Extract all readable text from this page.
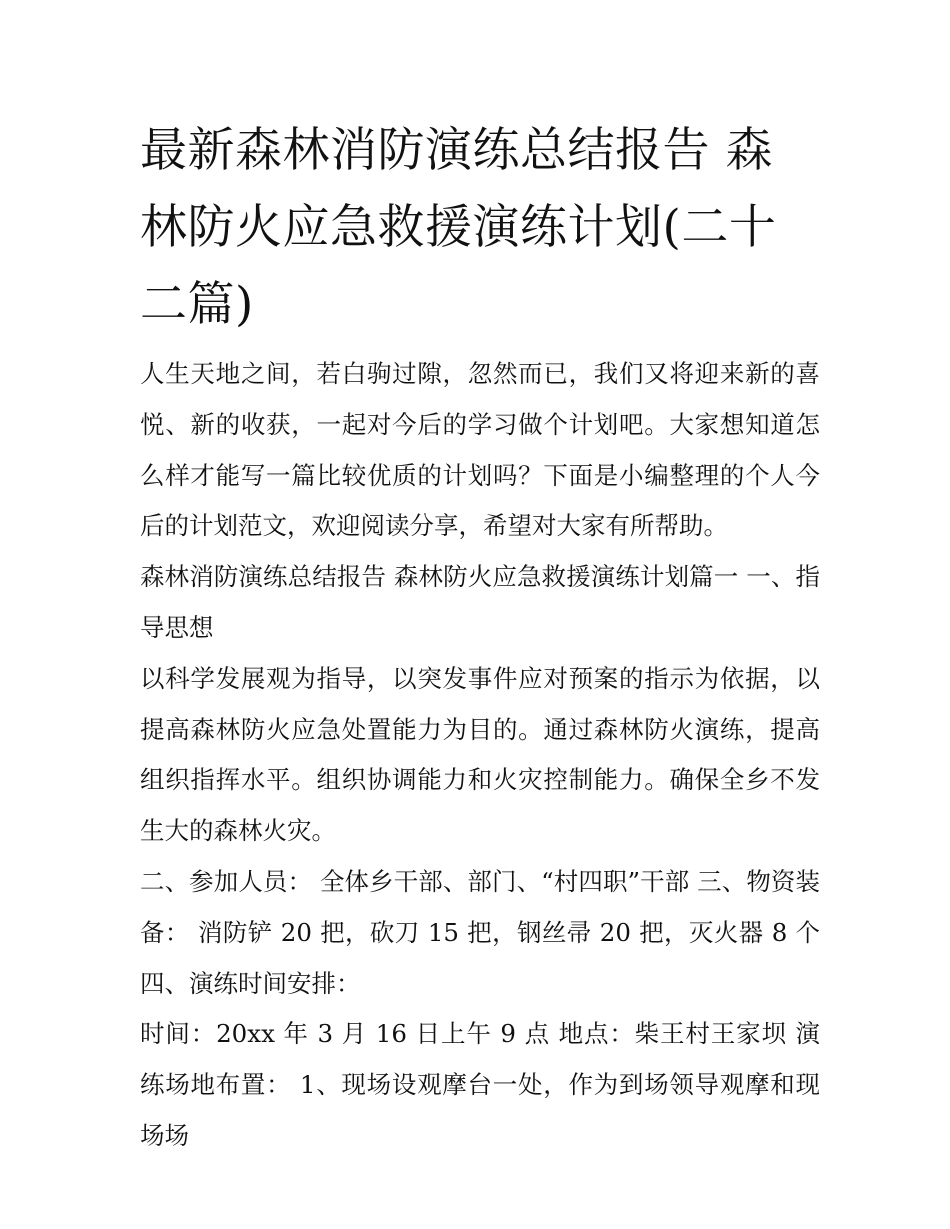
最新森林消防演练总结报告 森林防火应急救援演练计划(二十二篇)

人生天地之间，若白驹过隙，忽然而已，我们又将迎来新的喜悦、新的收获，一起对今后的学习做个计划吧。大家想知道怎么样才能写一篇比较优质的计划吗？下面是小编整理的个人今后的计划范文，欢迎阅读分享，希望对大家有所帮助。

森林消防演练总结报告 森林防火应急救援演练计划篇一 一、指导思想

以科学发展观为指导，以突发事件应对预案的指示为依据，以提高森林防火应急处置能力为目的。通过森林防火演练，提高组织指挥水平。组织协调能力和火灾控制能力。确保全乡不发生大的森林火灾。

二、参加人员： 全体乡干部、部门、“村四职”干部 三、物资装备： 消防铲 20 把，砍刀 15 把，钢丝帚 20 把，灭火器 8 个 四、演练时间安排：

时间：20xx 年 3 月 16 日上午 9 点 地点：柴王村王家坝 演练场地布置： 1、现场设观摩台一处，作为到场领导观摩和现场场
